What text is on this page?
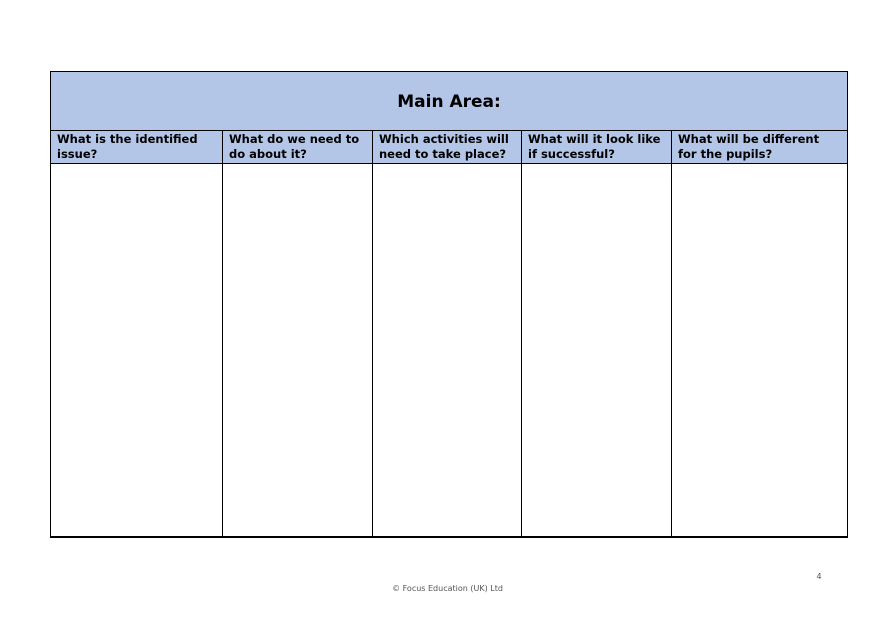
Main Area:				
What is the identified issue?	What do we need to do about it?	Which activities will need to take place?	What will it look like if successful?	What will be different for the pupils?

4
© Focus Education (UK) Ltd
